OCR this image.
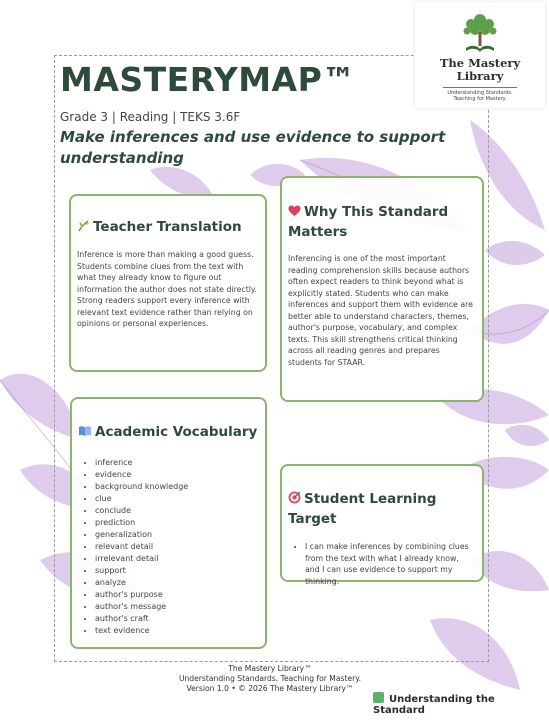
The Mastery
Library
Understanding Standards.
Teaching for Mastery.
MASTERYMAP™
Grade 3 | Reading | TEKS 3.6F
Make inferences and use evidence to support understanding
Teacher Translation

Inference is more than making a good guess. Students combine clues from the text with what they already know to figure out information the author does not state directly. Strong readers support every inference with relevant text evidence rather than relying on opinions or personal experiences.

Why This Standard Matters

Inferencing is one of the most important reading comprehension skills because authors often expect readers to think beyond what is explicitly stated. Students who can make inferences and support them with evidence are better able to understand characters, themes, author's purpose, vocabulary, and complex texts. This skill strengthens critical thinking across all reading genres and prepares students for STAAR.

Academic Vocabulary
• inference
• evidence
• background knowledge
• clue
• conclude
• prediction
• generalization
• relevant detail
• irrelevant detail
• support
• analyze
• author's purpose
• author's message
• author's craft
• text evidence
Student Learning Target
• I can make inferences by combining clues from the text with what I already know, and I can use evidence to support my thinking.
The Mastery Library™
Understanding Standards. Teaching for Mastery.
Version 1.0 • © 2026 The Mastery Library™
Understanding the Standard
